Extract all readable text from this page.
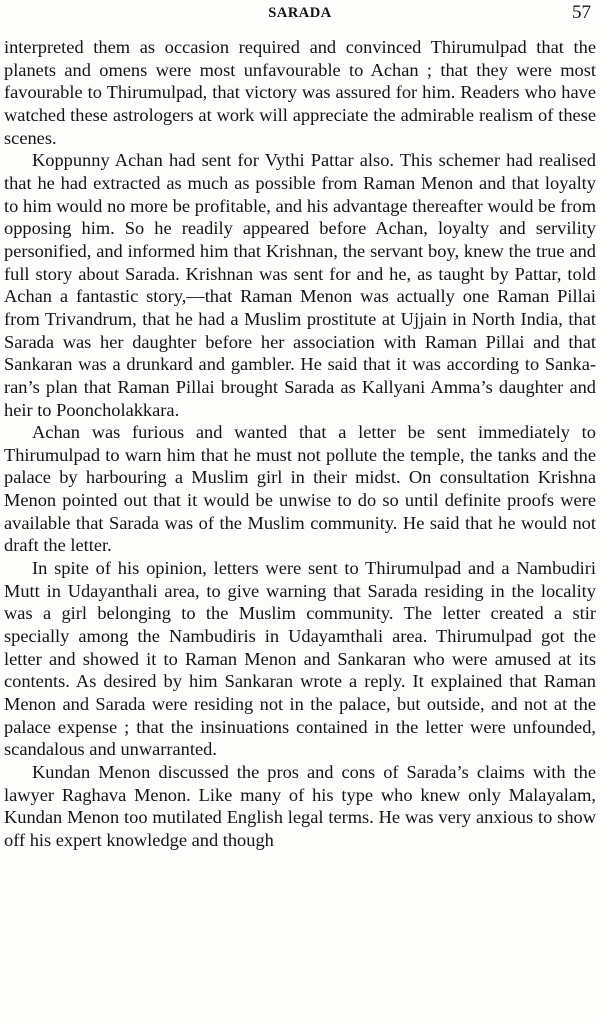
SARADA	57

interpreted them as occasion required and convinced Thirumulpad that the planets and omens were most unfavourable to Achan ; that they were most favourable to Thirumulpad, that victory was assured for him. Readers who have watched these astrologers at work will appreciate the admirable realism of these scenes.

Koppunny Achan had sent for Vythi Pattar also. This schemer had realised that he had extracted as much as possible from Raman Menon and that loyalty to him would no more be profitable, and his advantage thereafter would be from opposing him. So he readily appeared before Achan, loyalty and servility personified, and informed him that Krishnan, the servant boy, knew the true and full story about Sarada. Krishnan was sent for and he, as taught by Pattar, told Achan a fantastic story,—that Raman Menon was actually one Raman Pillai from Trivandrum, that he had a Muslim prostitute at Ujjain in North India, that Sarada was her daughter before her association with Raman Pillai and that Sankaran was a drunkard and gambler. He said that it was according to Sankaran’s plan that Raman Pillai brought Sarada as Kallyani Amma’s daughter and heir to Pooncholakkara.

Achan was furious and wanted that a letter be sent immediately to Thirumulpad to warn him that he must not pollute the temple, the tanks and the palace by harbouring a Muslim girl in their midst. On consultation Krishna Menon pointed out that it would be unwise to do so until definite proofs were available that Sarada was of the Muslim community. He said that he would not draft the letter.

In spite of his opinion, letters were sent to Thirumulpad and a Nambudiri Mutt in Udayanthali area, to give warning that Sarada residing in the locality was a girl belonging to the Muslim community. The letter created a stir specially among the Nambudiris in Udayamthali area. Thirumulpad got the letter and showed it to Raman Menon and Sankaran who were amused at its contents. As desired by him Sankaran wrote a reply. It explained that Raman Menon and Sarada were residing not in the palace, but outside, and not at the palace expense ; that the insinuations contained in the letter were unfounded, scandalous and unwarranted.

Kundan Menon discussed the pros and cons of Sarada’s claims with the lawyer Raghava Menon. Like many of his type who knew only Malayalam, Kundan Menon too mutilated English legal terms. He was very anxious to show off his expert knowledge and though
